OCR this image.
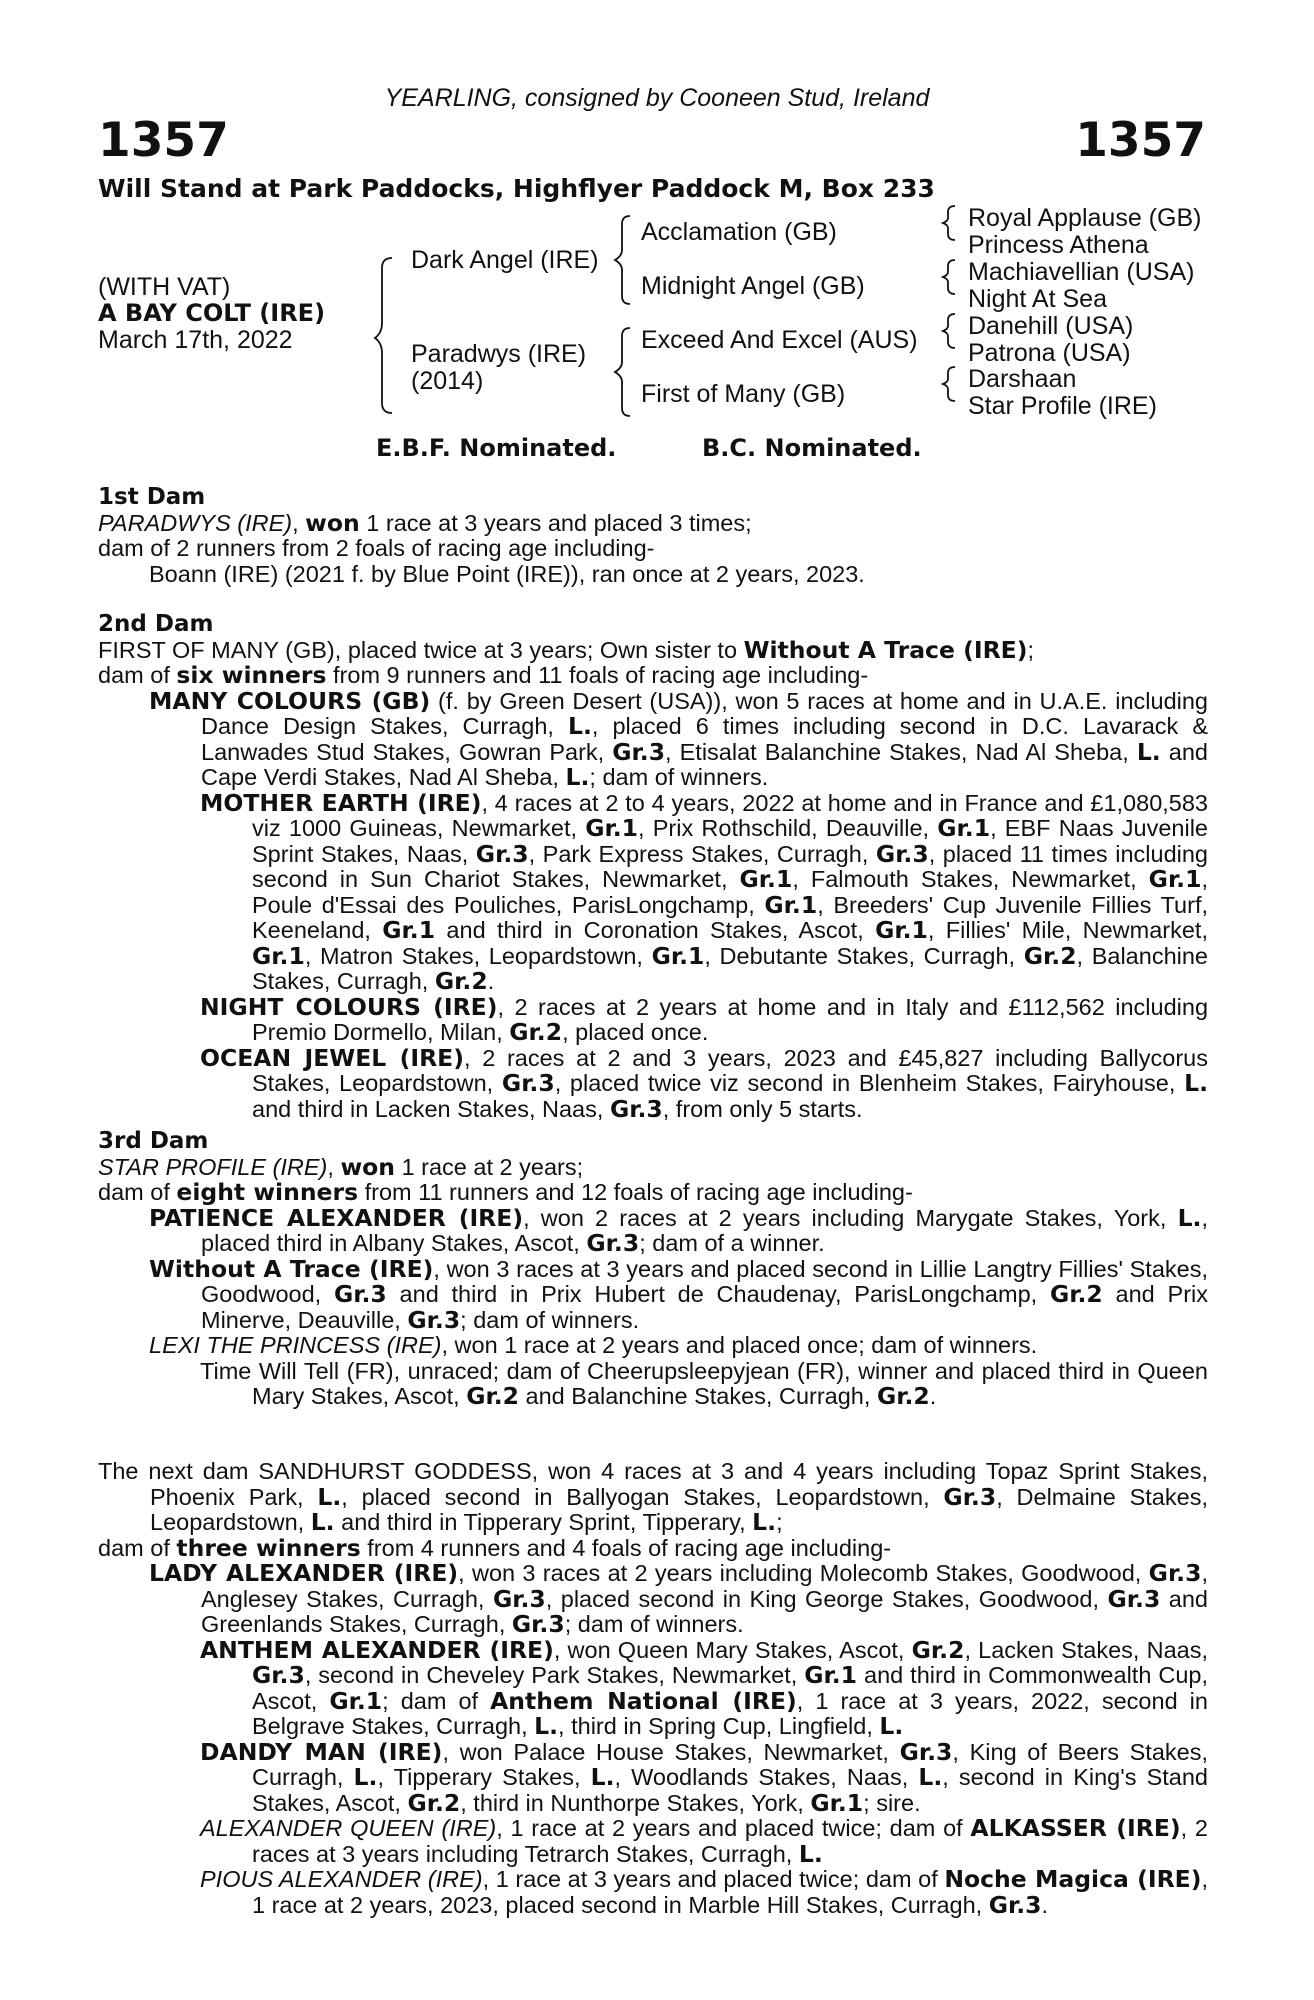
YEARLING, consigned by Cooneen Stud, Ireland
1357	1357
Will Stand at Park Paddocks, Highflyer Paddock M, Box 233
(WITH VAT)
A BAY COLT (IRE)
March 17th, 2022
Dark Angel (IRE)
Paradwys (IRE)
(2014)
Acclamation (GB)
Midnight Angel (GB)
Exceed And Excel (AUS)
First of Many (GB)
Royal Applause (GB)
Princess Athena
Machiavellian (USA)
Night At Sea
Danehill (USA)
Patrona (USA)
Darshaan
Star Profile (IRE)
E.B.F. Nominated.	B.C. Nominated.

1st Dam

PARADWYS (IRE), won 1 race at 3 years and placed 3 times;

dam of 2 runners from 2 foals of racing age including-

Boann (IRE) (2021 f. by Blue Point (IRE)), ran once at 2 years, 2023.

2nd Dam

FIRST OF MANY (GB), placed twice at 3 years; Own sister to Without A Trace (IRE);

dam of six winners from 9 runners and 11 foals of racing age including-

MANY COLOURS (GB) (f. by Green Desert (USA)), won 5 races at home and in U.A.E. including Dance Design Stakes, Curragh, L., placed 6 times including second in D.C. Lavarack & Lanwades Stud Stakes, Gowran Park, Gr.3, Etisalat Balanchine Stakes, Nad Al Sheba, L. and Cape Verdi Stakes, Nad Al Sheba, L.; dam of winners.

MOTHER EARTH (IRE), 4 races at 2 to 4 years, 2022 at home and in France and £1,080,583 viz 1000 Guineas, Newmarket, Gr.1, Prix Rothschild, Deauville, Gr.1, EBF Naas Juvenile Sprint Stakes, Naas, Gr.3, Park Express Stakes, Curragh, Gr.3, placed 11 times including second in Sun Chariot Stakes, Newmarket, Gr.1, Falmouth Stakes, Newmarket, Gr.1, Poule d'Essai des Pouliches, ParisLongchamp, Gr.1, Breeders' Cup Juvenile Fillies Turf, Keeneland, Gr.1 and third in Coronation Stakes, Ascot, Gr.1, Fillies' Mile, Newmarket, Gr.1, Matron Stakes, Leopardstown, Gr.1, Debutante Stakes, Curragh, Gr.2, Balanchine Stakes, Curragh, Gr.2.

NIGHT COLOURS (IRE), 2 races at 2 years at home and in Italy and £112,562 including Premio Dormello, Milan, Gr.2, placed once.

OCEAN JEWEL (IRE), 2 races at 2 and 3 years, 2023 and £45,827 including Ballycorus Stakes, Leopardstown, Gr.3, placed twice viz second in Blenheim Stakes, Fairyhouse, L. and third in Lacken Stakes, Naas, Gr.3, from only 5 starts.

3rd Dam

STAR PROFILE (IRE), won 1 race at 2 years;

dam of eight winners from 11 runners and 12 foals of racing age including-

PATIENCE ALEXANDER (IRE), won 2 races at 2 years including Marygate Stakes, York, L., placed third in Albany Stakes, Ascot, Gr.3; dam of a winner.

Without A Trace (IRE), won 3 races at 3 years and placed second in Lillie Langtry Fillies' Stakes, Goodwood, Gr.3 and third in Prix Hubert de Chaudenay, ParisLongchamp, Gr.2 and Prix Minerve, Deauville, Gr.3; dam of winners.

LEXI THE PRINCESS (IRE), won 1 race at 2 years and placed once; dam of winners.

Time Will Tell (FR), unraced; dam of Cheerupsleepyjean (FR), winner and placed third in Queen Mary Stakes, Ascot, Gr.2 and Balanchine Stakes, Curragh, Gr.2.

The next dam SANDHURST GODDESS, won 4 races at 3 and 4 years including Topaz Sprint Stakes, Phoenix Park, L., placed second in Ballyogan Stakes, Leopardstown, Gr.3, Delmaine Stakes, Leopardstown, L. and third in Tipperary Sprint, Tipperary, L.;

dam of three winners from 4 runners and 4 foals of racing age including-

LADY ALEXANDER (IRE), won 3 races at 2 years including Molecomb Stakes, Goodwood, Gr.3, Anglesey Stakes, Curragh, Gr.3, placed second in King George Stakes, Goodwood, Gr.3 and Greenlands Stakes, Curragh, Gr.3; dam of winners.

ANTHEM ALEXANDER (IRE), won Queen Mary Stakes, Ascot, Gr.2, Lacken Stakes, Naas, Gr.3, second in Cheveley Park Stakes, Newmarket, Gr.1 and third in Commonwealth Cup, Ascot, Gr.1; dam of Anthem National (IRE), 1 race at 3 years, 2022, second in Belgrave Stakes, Curragh, L., third in Spring Cup, Lingfield, L.

DANDY MAN (IRE), won Palace House Stakes, Newmarket, Gr.3, King of Beers Stakes, Curragh, L., Tipperary Stakes, L., Woodlands Stakes, Naas, L., second in King's Stand Stakes, Ascot, Gr.2, third in Nunthorpe Stakes, York, Gr.1; sire.

ALEXANDER QUEEN (IRE), 1 race at 2 years and placed twice; dam of ALKASSER (IRE), 2 races at 3 years including Tetrarch Stakes, Curragh, L.

PIOUS ALEXANDER (IRE), 1 race at 3 years and placed twice; dam of Noche Magica (IRE), 1 race at 2 years, 2023, placed second in Marble Hill Stakes, Curragh, Gr.3.
